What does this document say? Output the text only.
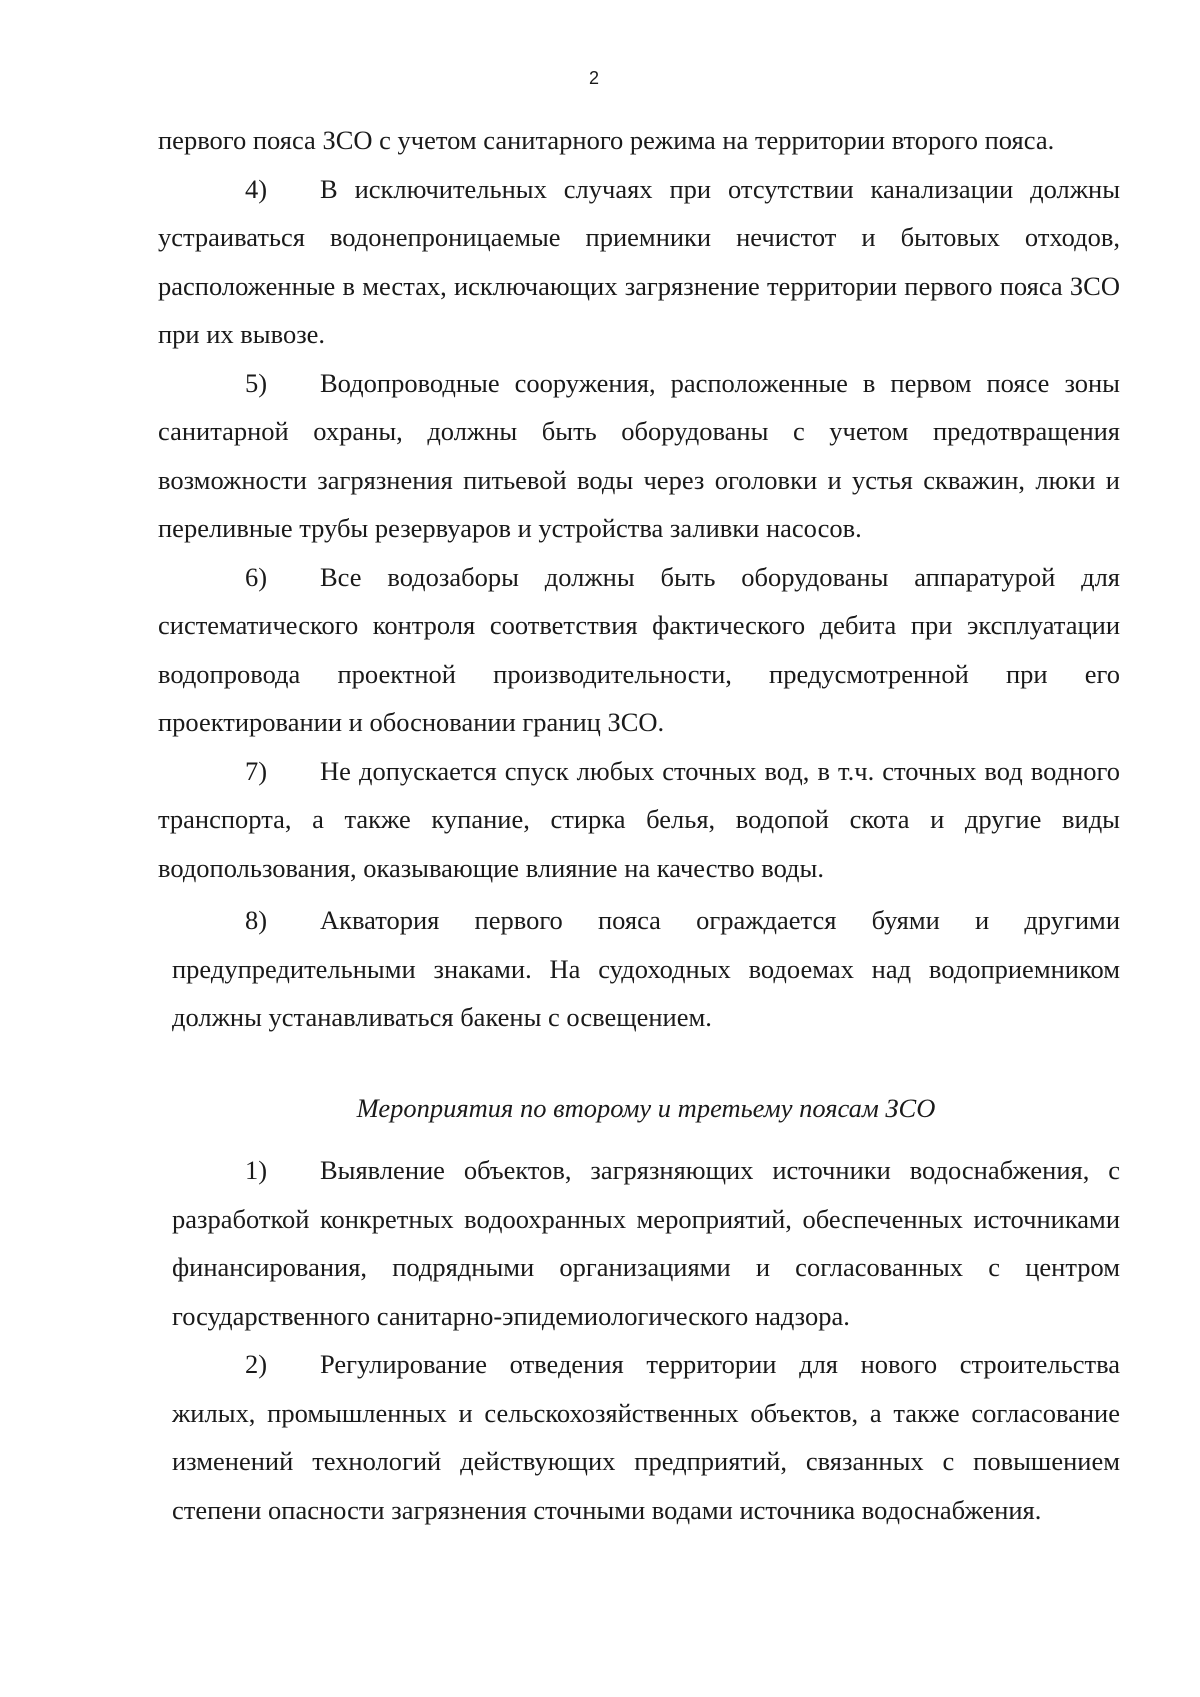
2

первого пояса ЗСО с учетом санитарного режима на территории второго пояса.

4) В исключительных случаях при отсутствии канализации должны устраиваться водонепроницаемые приемники нечистот и бытовых отходов, расположенные в местах, исключающих загрязнение территории первого пояса ЗСО при их вывозе.

5) Водопроводные сооружения, расположенные в первом поясе зоны санитарной охраны, должны быть оборудованы с учетом предотвращения возможности загрязнения питьевой воды через оголовки и устья скважин, люки и переливные трубы резервуаров и устройства заливки насосов.

6) Все водозаборы должны быть оборудованы аппаратурой для систематического контроля соответствия фактического дебита при эксплуатации водопровода проектной производительности, предусмотренной при его проектировании и обосновании границ ЗСО.

7) Не допускается спуск любых сточных вод, в т.ч. сточных вод водного транспорта, а также купание, стирка белья, водопой скота и другие виды водопользования, оказывающие влияние на качество воды.

8) Акватория первого пояса ограждается буями и другими предупредительными знаками. На судоходных водоемах над водоприемником должны устанавливаться бакены с освещением.

Мероприятия по второму и третьему поясам ЗСО

1) Выявление объектов, загрязняющих источники водоснабжения, с разработкой конкретных водоохранных мероприятий, обеспеченных источниками финансирования, подрядными организациями и согласованных с центром государственного санитарно-эпидемиологического надзора.

2) Регулирование отведения территории для нового строительства жилых, промышленных и сельскохозяйственных объектов, а также согласование изменений технологий действующих предприятий, связанных с повышением степени опасности загрязнения сточными водами источника водоснабжения.
